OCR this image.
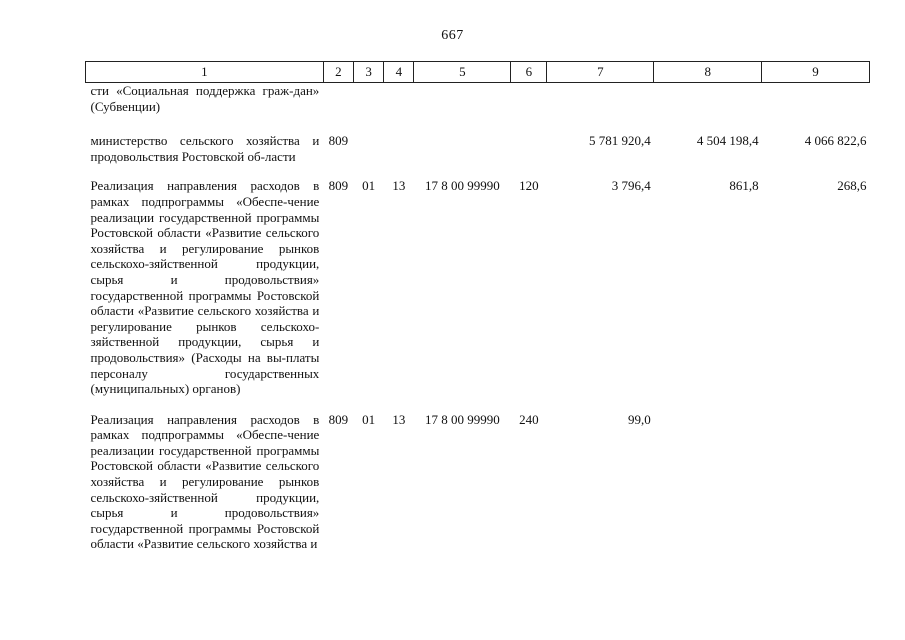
667
1	2	3	4	5	6	7	8	9
сти «Социальная поддержка граж-дан» (Субвенции)								
министерство сельского хозяйства и продовольствия Ростовской об-ласти	809					5 781 920,4	4 504 198,4	4 066 822,6
Реализация направления расходов в рамках подпрограммы «Обеспе-чение реализации государственной программы Ростовской области «Развитие сельского хозяйства и регулирование рынков сельскохо-зяйственной продукции, сырья и продовольствия» государственной программы Ростовской области «Развитие сельского хозяйства и регулирование рынков сельскохо-зяйственной продукции, сырья и продовольствия» (Расходы на вы-платы персоналу государственных (муниципальных) органов)	809	01	13	17 8 00 99990	120	3 796,4	861,8	268,6
Реализация направления расходов в рамках подпрограммы «Обеспе-чение реализации государственной программы Ростовской области «Развитие сельского хозяйства и регулирование рынков сельскохо-зяйственной продукции, сырья и продовольствия» государственной программы Ростовской области «Развитие сельского хозяйства и	809	01	13	17 8 00 99990	240	99,0		
